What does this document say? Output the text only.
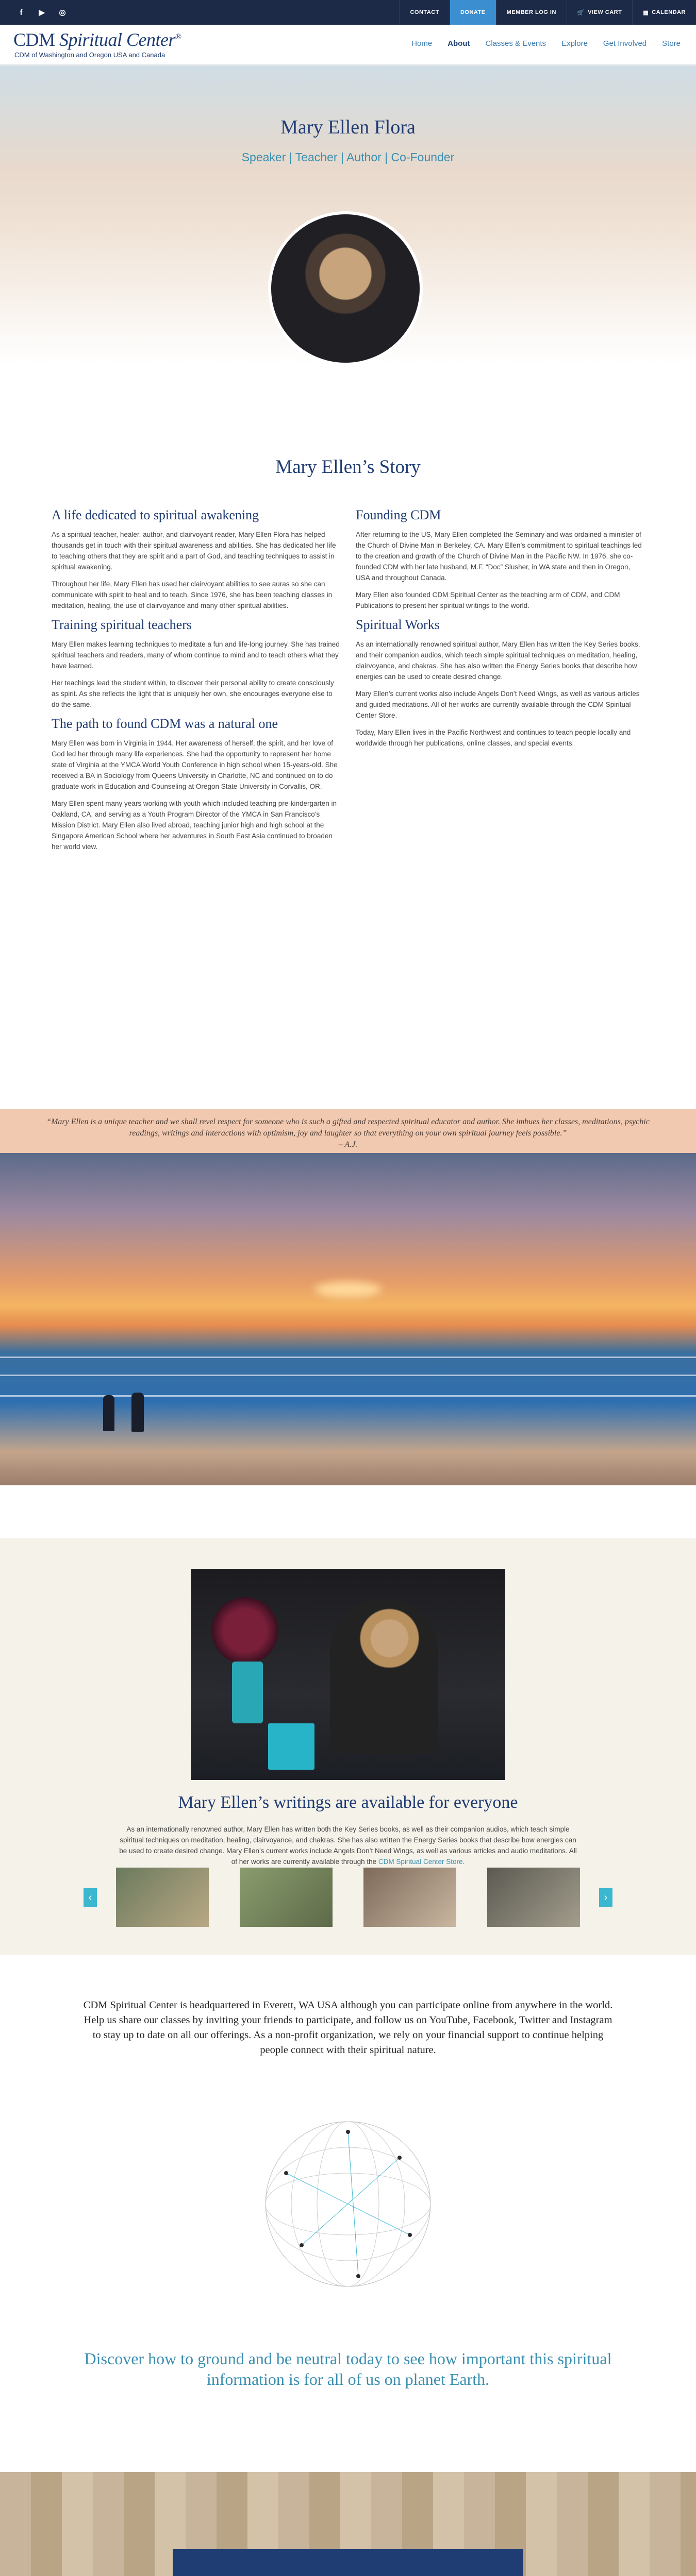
f	▶	◎	CONTACT	DONATE	MEMBER LOG IN	🛒 VIEW CART	▦ CALENDAR
CDM Spiritual Center®
CDM of Washington and Oregon USA and Canada
Home About Classes & Events Explore Get Involved Store
Mary Ellen Flora
Speaker | Teacher | Author | Co-Founder
Mary Ellen’s Story
A life dedicated to spiritual awakening

As a spiritual teacher, healer, author, and clairvoyant reader, Mary Ellen Flora has helped thousands get in touch with their spiritual awareness and abilities. She has dedicated her life to teaching others that they are spirit and a part of God, and teaching techniques to assist in spiritual awakening.

Throughout her life, Mary Ellen has used her clairvoyant abilities to see auras so she can communicate with spirit to heal and to teach. Since 1976, she has been teaching classes in meditation, healing, the use of clairvoyance and many other spiritual abilities.

Training spiritual teachers

Mary Ellen makes learning techniques to meditate a fun and life-long journey. She has trained spiritual teachers and readers, many of whom continue to mind and to teach others what they have learned.

Her teachings lead the student within, to discover their personal ability to create consciously as spirit. As she reflects the light that is uniquely her own, she encourages everyone else to do the same.

The path to found CDM was a natural one

Mary Ellen was born in Virginia in 1944. Her awareness of herself, the spirit, and her love of God led her through many life experiences. She had the opportunity to represent her home state of Virginia at the YMCA World Youth Conference in high school when 15-years-old. She received a BA in Sociology from Queens University in Charlotte, NC and continued on to do graduate work in Education and Counseling at Oregon State University in Corvallis, OR.

Mary Ellen spent many years working with youth which included teaching pre-kindergarten in Oakland, CA, and serving as a Youth Program Director of the YMCA in San Francisco’s Mission District. Mary Ellen also lived abroad, teaching junior high and high school at the Singapore American School where her adventures in South East Asia continued to broaden her world view.

Founding CDM

After returning to the US, Mary Ellen completed the Seminary and was ordained a minister of the Church of Divine Man in Berkeley, CA. Mary Ellen’s commitment to spiritual teachings led to the creation and growth of the Church of Divine Man in the Pacific NW. In 1976, she co-founded CDM with her late husband, M.F. “Doc” Slusher, in WA state and then in Oregon, USA and throughout Canada.

Mary Ellen also founded CDM Spiritual Center as the teaching arm of CDM, and CDM Publications to present her spiritual writings to the world.

Spiritual Works

As an internationally renowned spiritual author, Mary Ellen has written the Key Series books, and their companion audios, which teach simple spiritual techniques on meditation, healing, clairvoyance, and chakras. She has also written the Energy Series books that describe how energies can be used to create desired change.

Mary Ellen’s current works also include Angels Don’t Need Wings, as well as various articles and guided meditations. All of her works are currently available through the CDM Spiritual Center Store.

Today, Mary Ellen lives in the Pacific Northwest and continues to teach people locally and worldwide through her publications, online classes, and special events.

“Mary Ellen is a unique teacher and we shall revel respect for someone who is such a gifted and respected spiritual educator and author. She imbues her classes, meditations, psychic readings, writings and interactions with optimism, joy and laughter so that everything on your own spiritual journey feels possible.”
– A.J.

Mary Ellen’s writings are available for everyone
As an internationally renowned author, Mary Ellen has written both the Key Series books, as well as their companion audios, which teach simple spiritual techniques on meditation, healing, clairvoyance, and chakras. She has also written the Energy Series books that describe how energies can be used to create desired change. Mary Ellen’s current works include Angels Don’t Need Wings, as well as various articles and audio meditations. All of her works are currently available through the CDM Spiritual Center Store.
‹	›
CDM Spiritual Center is headquartered in Everett, WA USA although you can participate online from anywhere in the world. Help us share our classes by inviting your friends to participate, and follow us on YouTube, Facebook, Twitter and Instagram to stay up to date on all our offerings. As a non-profit organization, we rely on your financial support to continue helping people connect with their spiritual nature.
Discover how to ground and be neutral today to see how important this spiritual information is for all of us on planet Earth.
